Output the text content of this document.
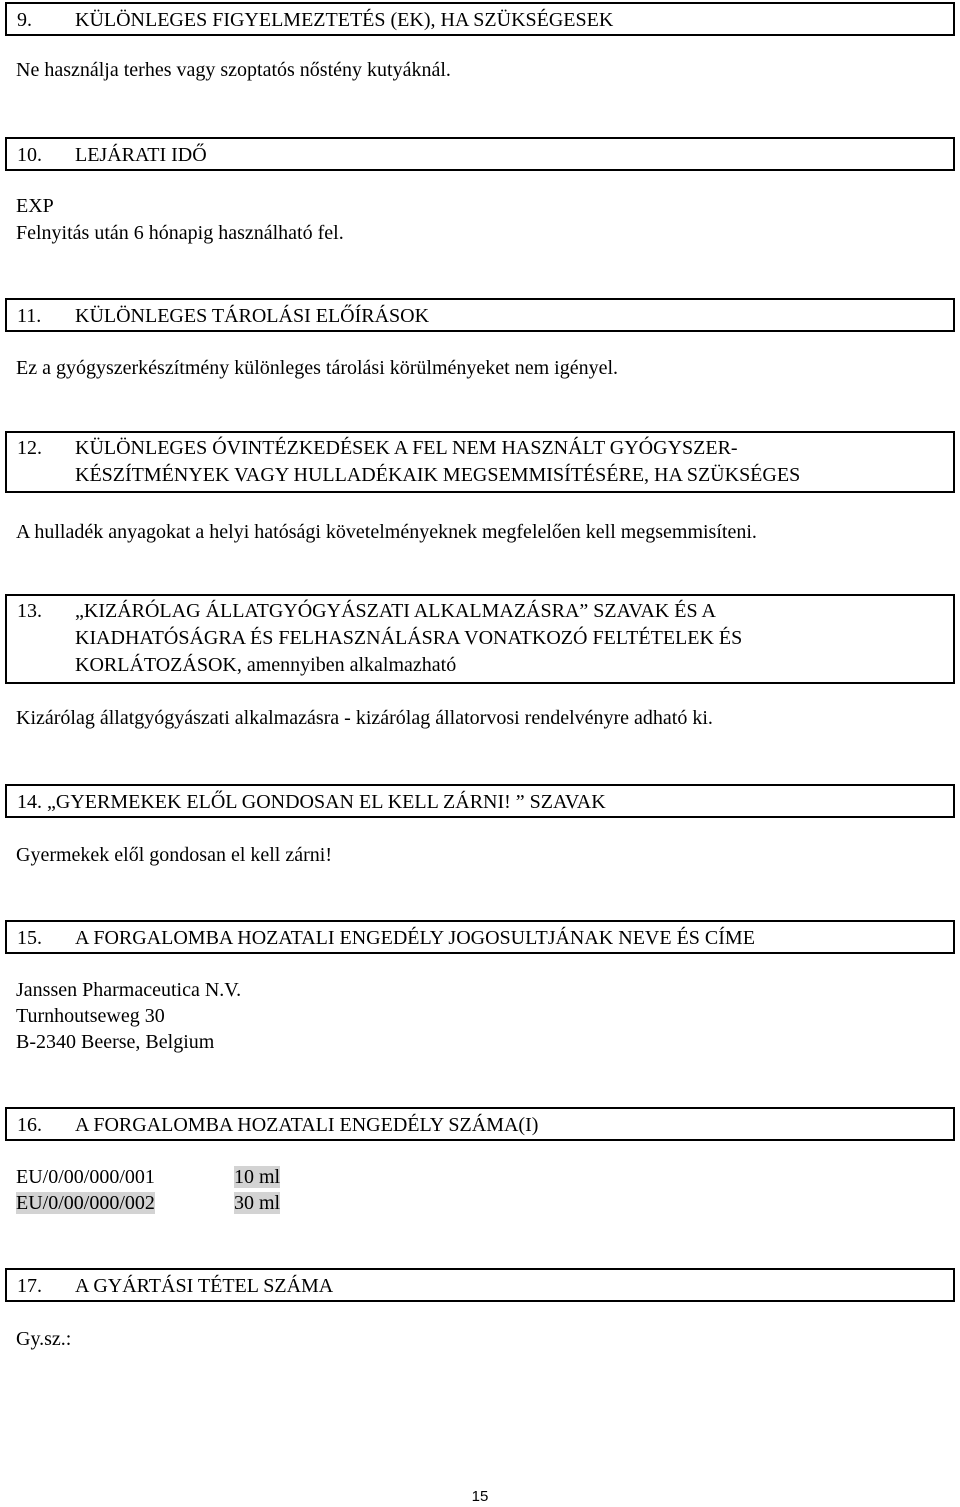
9.	KÜLÖNLEGES FIGYELMEZTETÉS (EK), HA SZÜKSÉGESEK
Ne használja terhes vagy szoptatós nőstény kutyáknál.
10.	LEJÁRATI IDŐ
EXP
Felnyitás után 6 hónapig használható fel.
11.	KÜLÖNLEGES TÁROLÁSI ELŐÍRÁSOK
Ez a gyógyszerkészítmény különleges tárolási körülményeket nem igényel.
12.	KÜLÖNLEGES ÓVINTÉZKEDÉSEK A FEL NEM HASZNÁLT GYÓGYSZER-
KÉSZÍTMÉNYEK VAGY HULLADÉKAIK MEGSEMMISÍTÉSÉRE, HA SZÜKSÉGES
A hulladék anyagokat a helyi hatósági követelményeknek megfelelően kell megsemmisíteni.
13.	„KIZÁRÓLAG ÁLLATGYÓGYÁSZATI ALKALMAZÁSRA” SZAVAK ÉS A
KIADHATÓSÁGRA ÉS FELHASZNÁLÁSRA VONATKOZÓ FELTÉTELEK ÉS
KORLÁTOZÁSOK, amennyiben alkalmazható
Kizárólag állatgyógyászati alkalmazásra - kizárólag állatorvosi rendelvényre adható ki.
14. „GYERMEKEK ELŐL GONDOSAN EL KELL ZÁRNI! ” SZAVAK
Gyermekek elől gondosan el kell zárni!
15.	A FORGALOMBA HOZATALI ENGEDÉLY JOGOSULTJÁNAK NEVE ÉS CÍME
Janssen Pharmaceutica N.V.
Turnhoutseweg 30
B-2340 Beerse, Belgium
16.	A FORGALOMBA HOZATALI ENGEDÉLY SZÁMA(I)
EU/0/00/000/001	10 ml
EU/0/00/000/002	30 ml
17.	A GYÁRTÁSI TÉTEL SZÁMA
Gy.sz.:
15
